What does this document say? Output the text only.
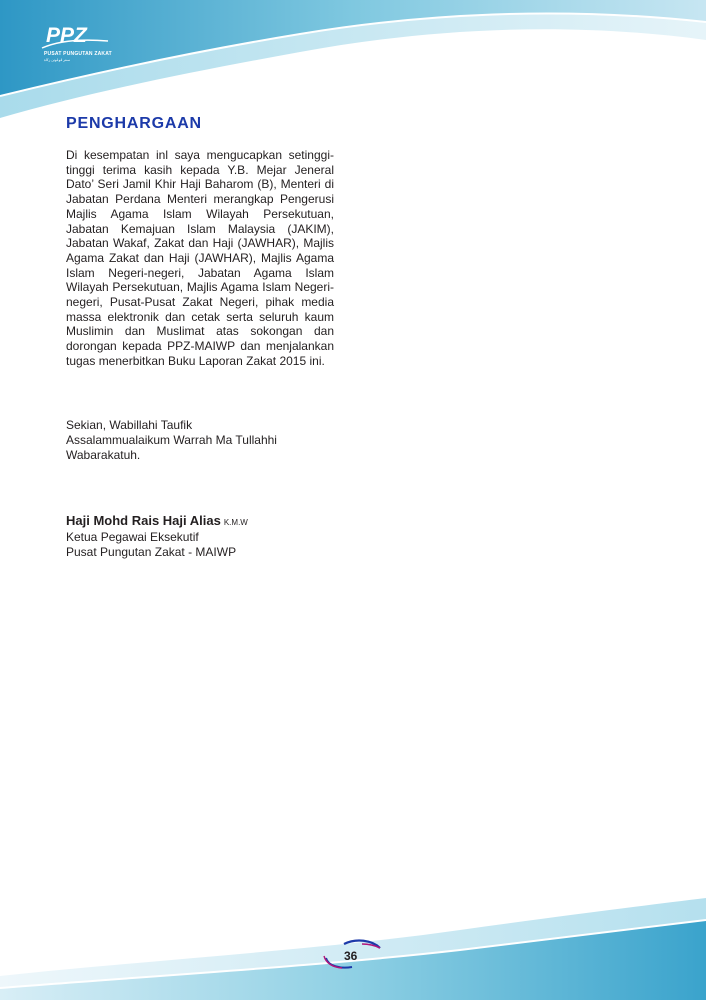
PPZ
PUSAT PUNGUTAN ZAKAT
سنتر ڤوڠوتن زكاة
PENGHARGAAN

Di kesempatan inl saya mengucapkan setinggi-tinggi terima kasih kepada Y.B. Mejar Jeneral Dato’ Seri Jamil Khir Haji Baharom (B), Menteri di Jabatan Perdana Menteri merangkap Pengerusi Majlis Agama Islam Wilayah Persekutuan, Jabatan Kemajuan Islam Malaysia (JAKIM), Jabatan Wakaf, Zakat dan Haji (JAWHAR), Majlis Agama Zakat dan Haji (JAWHAR), Majlis Agama Islam Negeri-negeri, Jabatan Agama Islam Wilayah Persekutuan, Majlis Agama Islam Negeri-negeri, Pusat-Pusat Zakat Negeri, pihak media massa elektronik dan cetak serta seluruh kaum Muslimin dan Muslimat atas sokongan dan dorongan kepada PPZ-MAIWP dan menjalankan tugas menerbitkan Buku Laporan Zakat 2015 ini.

Sekian, Wabillahi Taufik
Assalammualaikum Warrah Ma Tullahhi
Wabarakatuh.
Haji Mohd Rais Haji Alias K.M.W
Ketua Pegawai Eksekutif
Pusat Pungutan Zakat - MAIWP
36
